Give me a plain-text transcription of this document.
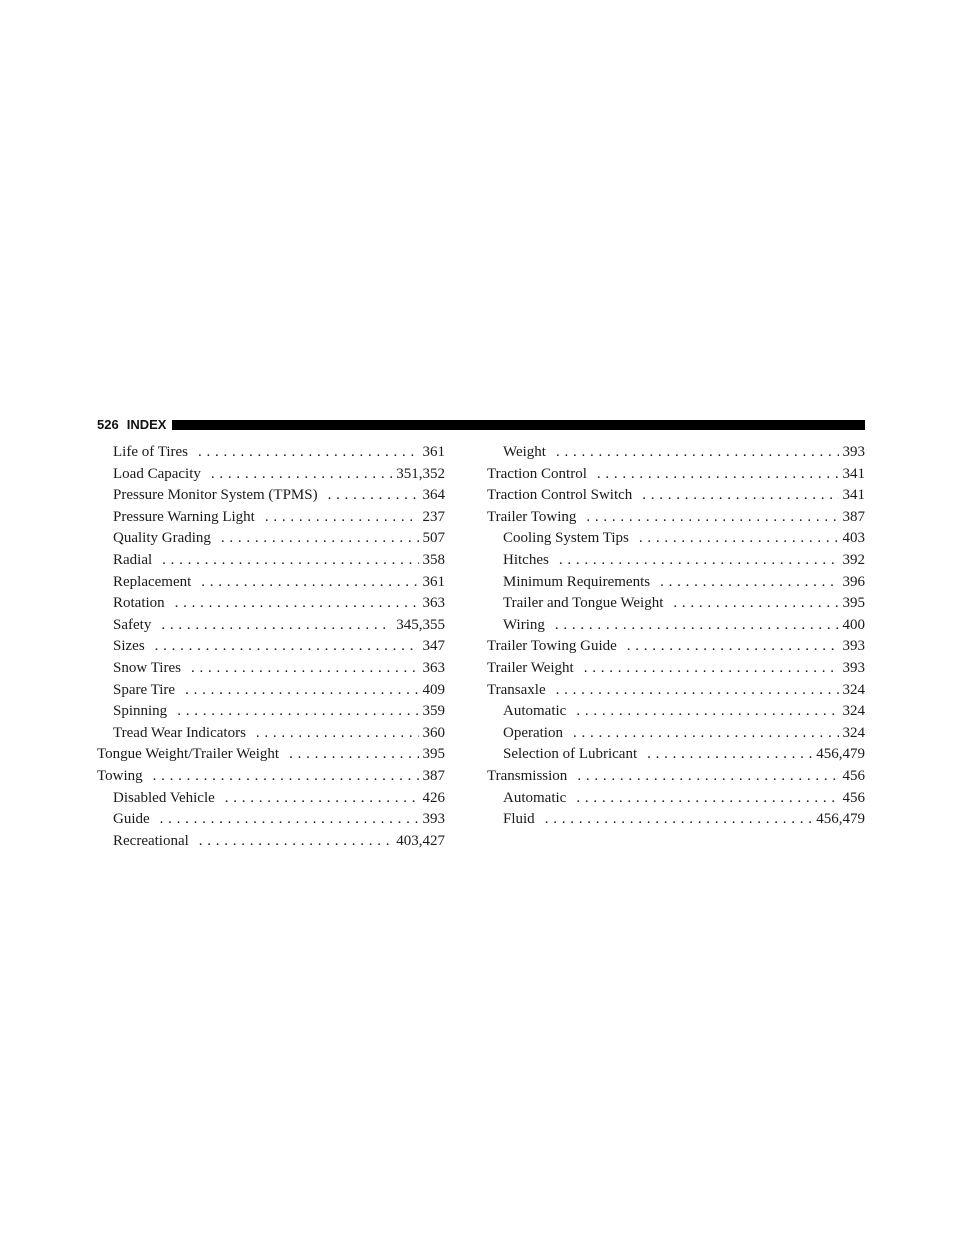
526 INDEX
Life of Tires . . .	361
Load Capacity . . .	351,352
Pressure Monitor System (TPMS) . . .	364
Pressure Warning Light . . .	237
Quality Grading . . .	507
Radial . . .	358
Replacement . . .	361
Rotation . . .	363
Safety . . .	345,355
Sizes . . .	347
Snow Tires . . .	363
Spare Tire . . .	409
Spinning . . .	359
Tread Wear Indicators . . .	360
Tongue Weight/Trailer Weight . . .	395
Towing . . .	387
Disabled Vehicle . . .	426
Guide . . .	393
Recreational . . .	403,427
Weight . . .	393
Traction Control . . .	341
Traction Control Switch . . .	341
Trailer Towing . . .	387
Cooling System Tips . . .	403
Hitches . . .	392
Minimum Requirements . . .	396
Trailer and Tongue Weight . . .	395
Wiring . . .	400
Trailer Towing Guide . . .	393
Trailer Weight . . .	393
Transaxle . . .	324
Automatic . . .	324
Operation . . .	324
Selection of Lubricant . . .	456,479
Transmission . . .	456
Automatic . . .	456
Fluid . . .	456,479
